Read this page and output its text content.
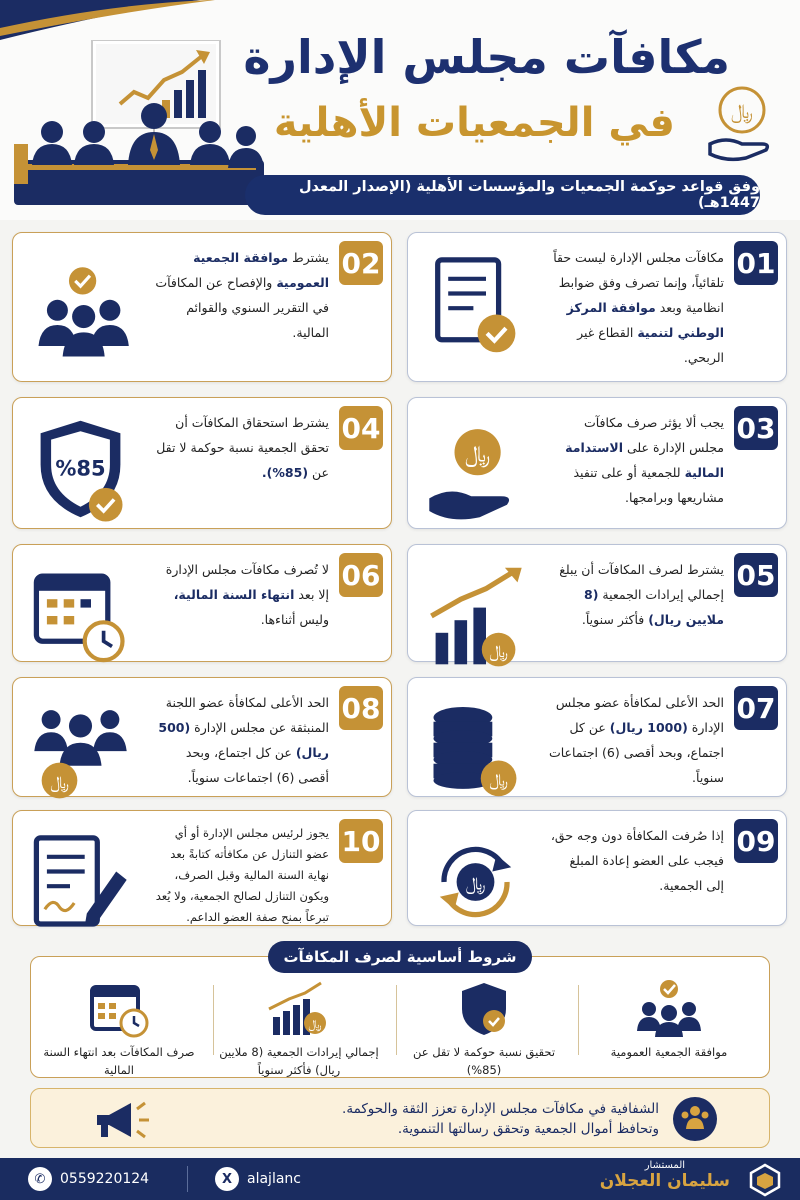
مكافآت مجلس الإدارة
في الجمعيات الأهلية	﷼
وفق قواعد حوكمة الجمعيات والمؤسسات الأهلية (الإصدار المعدل 1447هـ)
01
مكافآت مجلس الإدارة ليست حقاً تلقائياً، وإنما تصرف وفق ضوابط انظامية وبعد موافقة المركز الوطني لتنمية القطاع غير الربحي.
02
يشترط موافقة الجمعية العمومية والإفصاح عن المكافآت في التقرير السنوي والقوائم المالية.
03
يجب ألا يؤثر صرف مكافآت مجلس الإدارة على الاستدامة المالية للجمعية أو على تنفيذ مشاريعها وبرامجها.
﷼
04
يشترط استحقاق المكافآت أن تحقق الجمعية نسبة حوكمة لا تقل عن (85%).
%85
05
يشترط لصرف المكافآت أن يبلغ إجمالي إيرادات الجمعية (8 ملايين ريال) فأكثر سنوياً.
﷼
06
لا تُصرف مكافآت مجلس الإدارة إلا بعد انتهاء السنة المالية، وليس أثناءها.
07
الحد الأعلى لمكافأة عضو مجلس الإدارة (1000 ريال) عن كل اجتماع، وبحد أقصى (6) اجتماعات سنوياً.
﷼
08
الحد الأعلى لمكافأة عضو اللجنة المنبثقة عن مجلس الإدارة (500 ريال) عن كل اجتماع، وبحد أقصى (6) اجتماعات سنوياً.
﷼
09
إذا صُرفت المكافأة دون وجه حق، فيجب على العضو إعادة المبلغ إلى الجمعية.
﷼
10
يجوز لرئيس مجلس الإدارة أو أي عضو التنازل عن مكافأته كتابةً بعد نهاية السنة المالية وقبل الصرف، ويكون التنازل لصالح الجمعية، ولا يُعد تبرعاً بمنح صفة العضو الداعم.
موافقة الجمعية العمومية
تحقيق نسبة حوكمة لا تقل عن (85%)
﷼
إجمالي إيرادات الجمعية (8 ملايين ريال) فأكثر سنوياً
صرف المكافآت بعد انتهاء السنة المالية
شروط أساسية لصرف المكافآت
الشفافية في مكافآت مجلس الإدارة تعزز الثقة والحوكمة.
وتحافظ أموال الجمعية وتحقق رسالتها التنموية.
✆	0559220124	X	alajlanc
المستشار
سليمان العجلان
